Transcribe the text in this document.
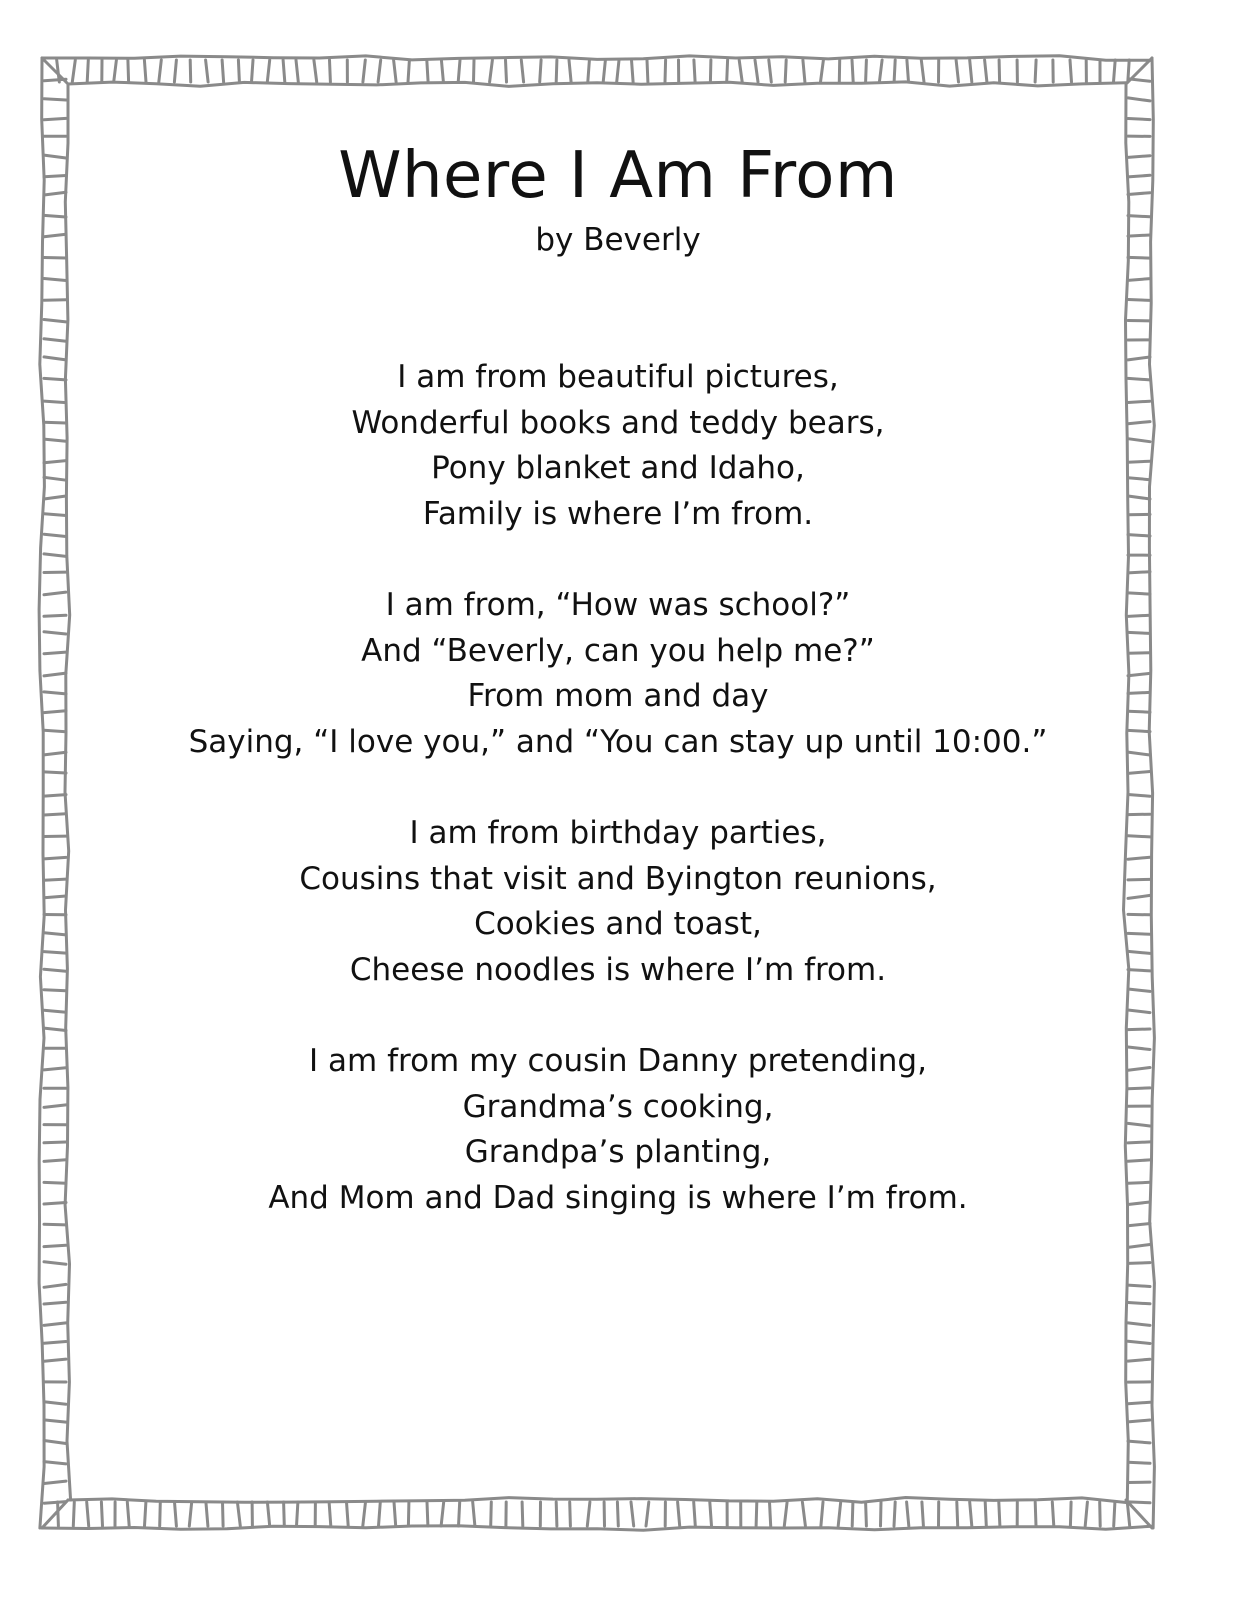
Where I Am From
by Beverly
I am from beautiful pictures,
Wonderful books and teddy bears,
Pony blanket and Idaho,
Family is where I’m from.
I am from, “How was school?”
And “Beverly, can you help me?”
From mom and day
Saying, “I love you,” and “You can stay up until 10:00.”
I am from birthday parties,
Cousins that visit and Byington reunions,
Cookies and toast,
Cheese noodles is where I’m from.
I am from my cousin Danny pretending,
Grandma’s cooking,
Grandpa’s planting,
And Mom and Dad singing is where I’m from.
